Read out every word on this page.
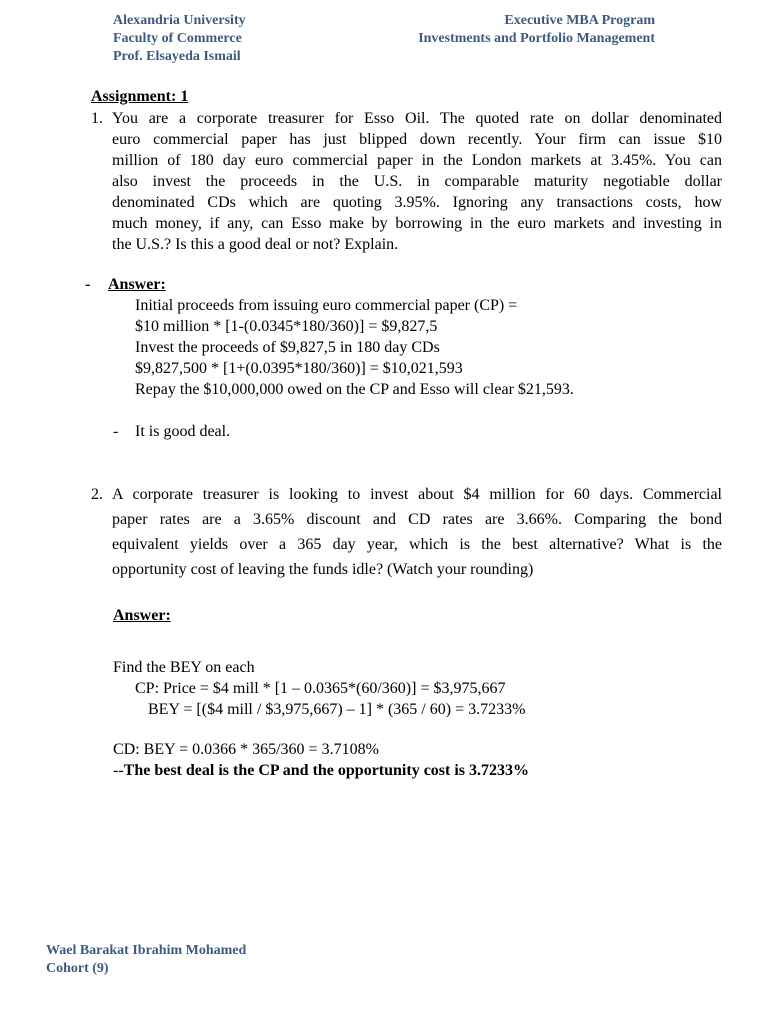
Alexandria University
Faculty of Commerce
Prof. Elsayeda Ismail
Executive MBA Program
Investments and Portfolio Management
Assignment: 1
1. You are a corporate treasurer for Esso Oil. The quoted rate on dollar denominated
euro commercial paper has just blipped down recently. Your firm can issue $10
million of 180 day euro commercial paper in the London markets at 3.45%. You can
also invest the proceeds in the U.S. in comparable maturity negotiable dollar
denominated CDs which are quoting 3.95%. Ignoring any transactions costs, how
much money, if any, can Esso make by borrowing in the euro markets and investing in
the U.S.? Is this a good deal or not? Explain.
- Answer:
Initial proceeds from issuing euro commercial paper (CP) =
$10 million * [1-(0.0345*180/360)] = $9,827,5
Invest the proceeds of $9,827,5 in 180 day CDs
$9,827,500 * [1+(0.0395*180/360)] = $10,021,593
Repay the $10,000,000 owed on the CP and Esso will clear $21,593.
- It is good deal.
2. A corporate treasurer is looking to invest about $4 million for 60 days. Commercial
paper rates are a 3.65% discount and CD rates are 3.66%. Comparing the bond
equivalent yields over a 365 day year, which is the best alternative? What is the
opportunity cost of leaving the funds idle? (Watch your rounding)
Answer:
Find the BEY on each
CP: Price = $4 mill * [1 – 0.0365*(60/360)] = $3,975,667
BEY = [($4 mill / $3,975,667) – 1] * (365 / 60) = 3.7233%
CD: BEY = 0.0366 * 365/360 = 3.7108%
--The best deal is the CP and the opportunity cost is 3.7233%
Wael Barakat Ibrahim Mohamed
Cohort (9)
